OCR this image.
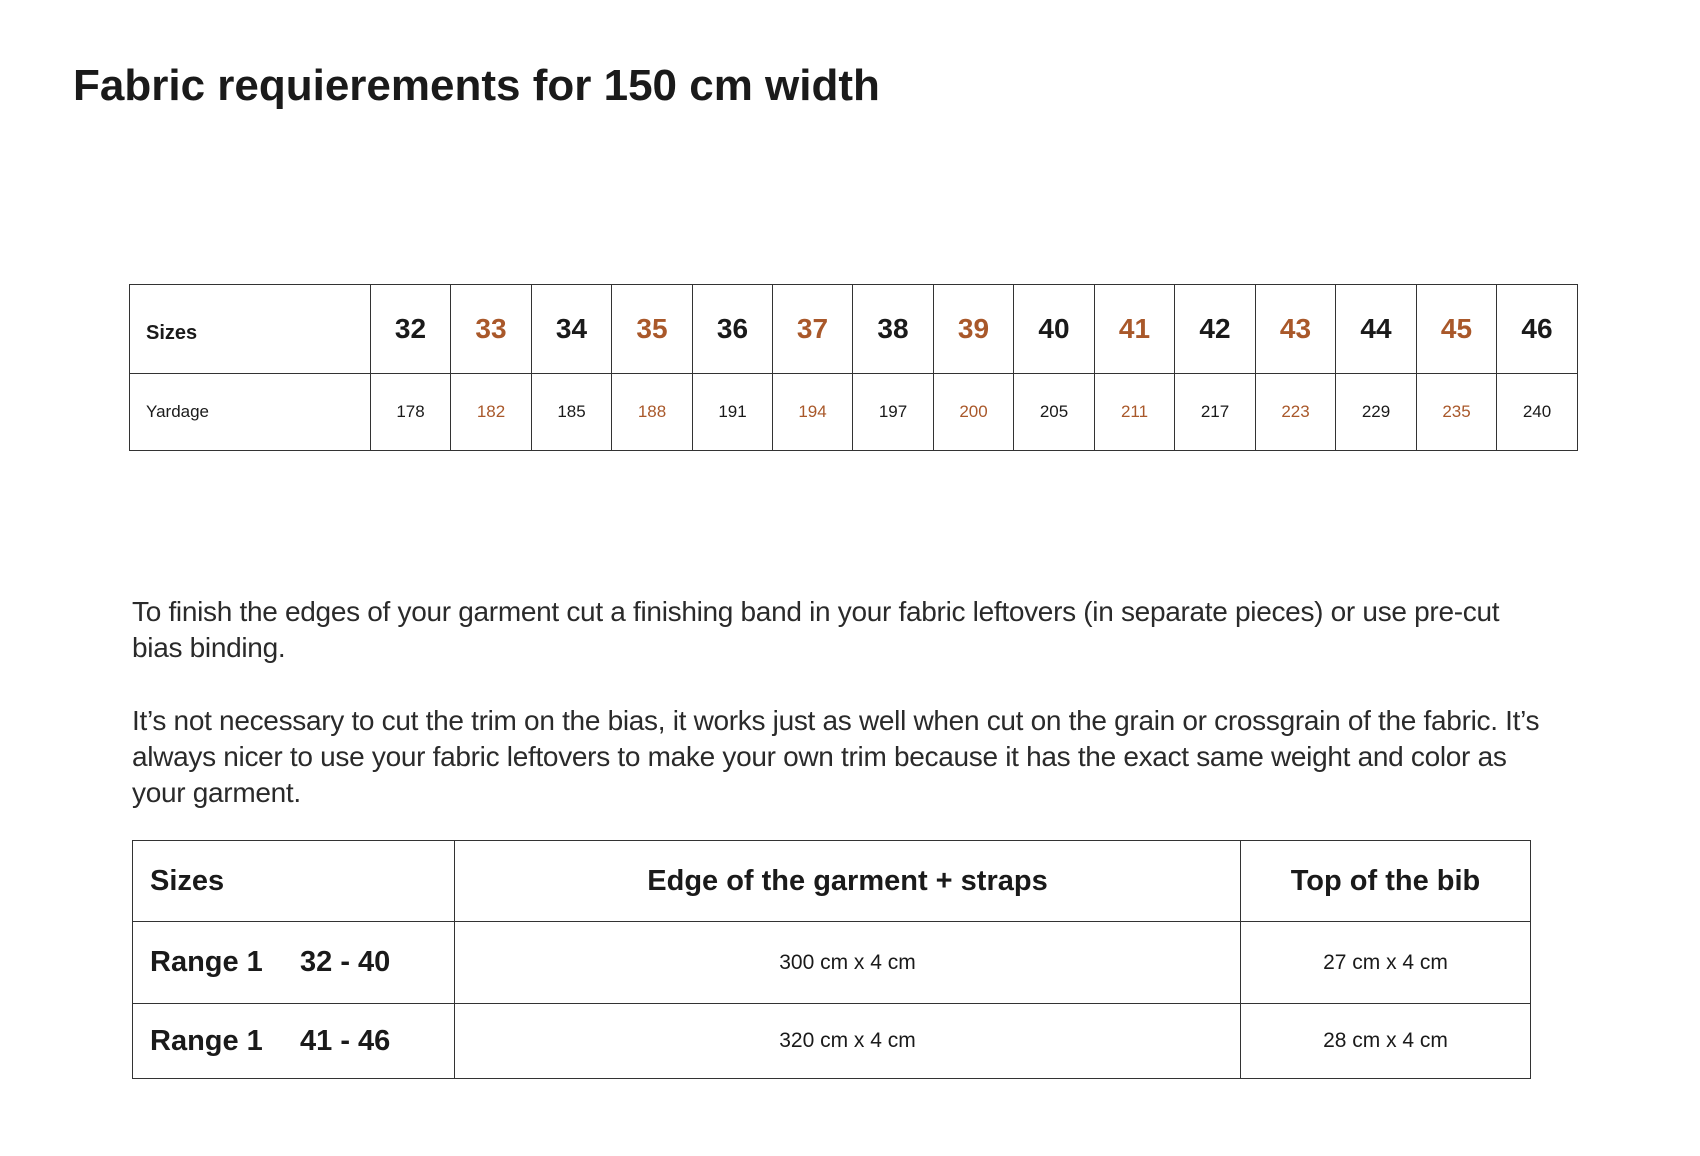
Fabric requierements for 150 cm width
Sizes	32	33	34	35	36	37	38	39	40	41	42	43	44	45	46
Yardage	178	182	185	188	191	194	197	200	205	211	217	223	229	235	240

To finish the edges of your garment cut a finishing band in your fabric leftovers (in separate pieces) or use pre-cut bias binding.

It’s not necessary to cut the trim on the bias, it works just as well when cut on the grain or crossgrain of the fabric. It’s always nicer to use your fabric leftovers to make your own trim because it has the exact same weight and color as your garment.

Sizes	Edge of the garment + straps	Top of the bib
Range 1 32 - 40	300 cm x 4 cm	27 cm x 4 cm
Range 1 41 - 46	320 cm x 4 cm	28 cm x 4 cm
